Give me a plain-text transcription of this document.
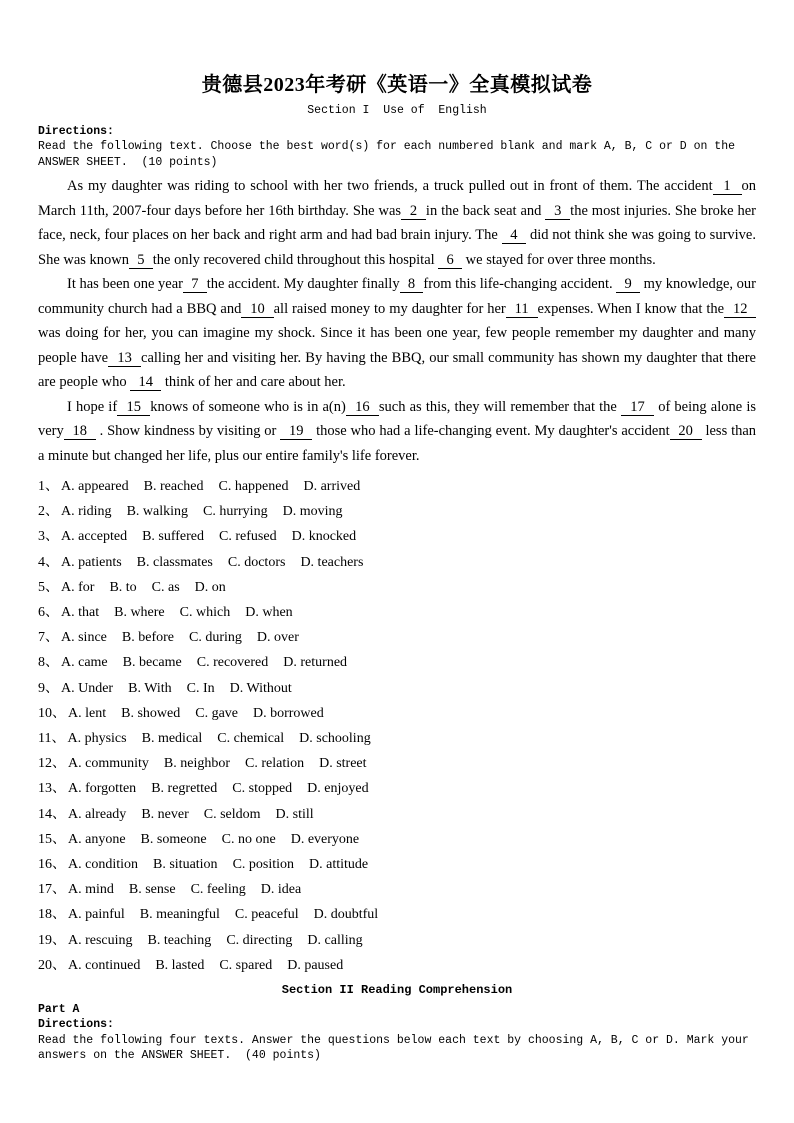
贵德县2023年考研《英语一》全真模拟试卷
Section I  Use of  English
Directions:
Read the following text. Choose the best word(s) for each numbered blank and mark A, B, C or D on the ANSWER SHEET.  (10 points)

As my daughter was riding to school with her two friends, a truck pulled out in front of them. The accident  1  on March 11th, 2007-four days before her 16th birthday. She was  2  in the back seat and   3  the most injuries. She broke her face, neck, four places on her back and right arm and had bad brain injury. The   4   did not think she was going to survive. She was known  5  the only recovered child throughout this hospital   6   we stayed for over three months.

It has been one year  7  the accident. My daughter finally  8  from this life-changing accident.   9   my knowledge, our community church had a BBQ and  10  all raised money to my daughter for her  11  expenses. When I know that the  12   was doing for her, you can imagine my shock. Since it has been one year, few people remember my daughter and many people have  13  calling her and visiting her. By having the BBQ, our small community has shown my daughter that there are people who   14   think of her and care about her.

I hope if  15  knows of someone who is in a(n)  16  such as this, they will remember that the   17   of being alone is very  18   . Show kindness by visiting or   19   those who had a life-changing event. My daughter's accident  20   less than a minute but changed her life, plus our entire family's life forever.

1、 A. appeared B. reached C. happened D. arrived
2、 A. riding B. walking C. hurrying D. moving
3、 A. accepted B. suffered C. refused D. knocked
4、 A. patients B. classmates C. doctors D. teachers
5、 A. for B. to C. as D. on
6、 A. that B. where C. which D. when
7、 A. since B. before C. during D. over
8、 A. came B. became C. recovered D. returned
9、 A. Under B. With C. In D. Without
10、 A. lent B. showed C. gave D. borrowed
11、 A. physics B. medical C. chemical D. schooling
12、 A. community B. neighbor C. relation D. street
13、 A. forgotten B. regretted C. stopped D. enjoyed
14、 A. already B. never C. seldom D. still
15、 A. anyone B. someone C. no one D. everyone
16、 A. condition B. situation C. position D. attitude
17、 A. mind B. sense C. feeling D. idea
18、 A. painful B. meaningful C. peaceful D. doubtful
19、 A. rescuing B. teaching C. directing D. calling
20、 A. continued B. lasted C. spared D. paused
Section II Reading Comprehension
Part A
Directions:
Read the following four texts. Answer the questions below each text by choosing A, B, C or D. Mark your answers on the ANSWER SHEET.  (40 points)
